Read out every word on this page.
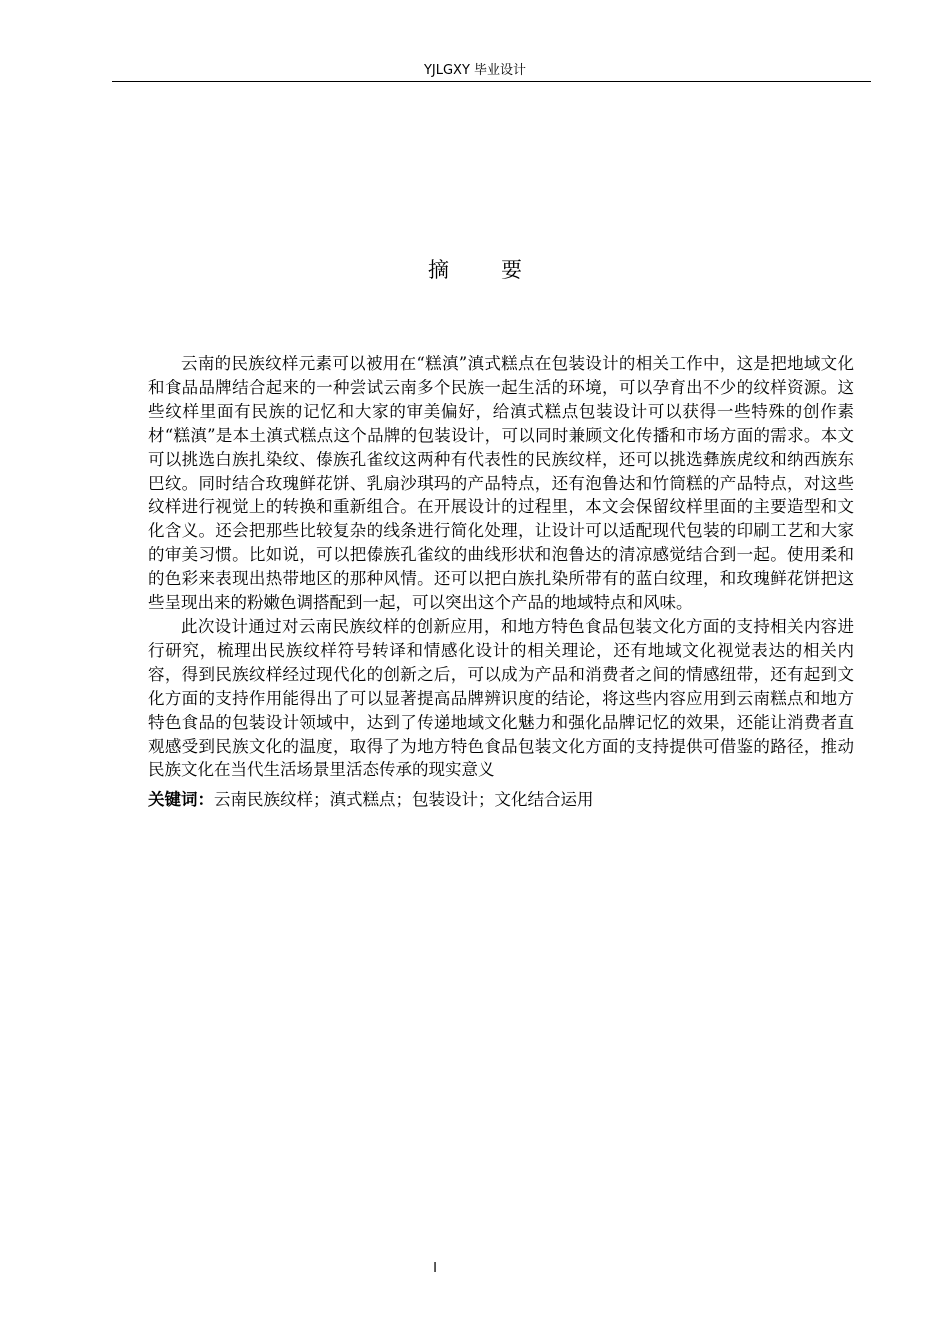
YJLGXY 毕业设计
摘要

云南的民族纹样元素可以被用在“糕滇”滇式糕点在包装设计的相关工作中，这是把地域文化和食品品牌结合起来的一种尝试云南多个民族一起生活的环境，可以孕育出不少的纹样资源。这些纹样里面有民族的记忆和大家的审美偏好，给滇式糕点包装设计可以获得一些特殊的创作素材“糕滇”是本土滇式糕点这个品牌的包装设计，可以同时兼顾文化传播和市场方面的需求。本文可以挑选白族扎染纹、傣族孔雀纹这两种有代表性的民族纹样，还可以挑选彝族虎纹和纳西族东巴纹。同时结合玫瑰鲜花饼、乳扇沙琪玛的产品特点，还有泡鲁达和竹筒糕的产品特点，对这些纹样进行视觉上的转换和重新组合。在开展设计的过程里，本文会保留纹样里面的主要造型和文化含义。还会把那些比较复杂的线条进行简化处理，让设计可以适配现代包装的印刷工艺和大家的审美习惯。比如说，可以把傣族孔雀纹的曲线形状和泡鲁达的清凉感觉结合到一起。使用柔和的色彩来表现出热带地区的那种风情。还可以把白族扎染所带有的蓝白纹理，和玫瑰鲜花饼把这些呈现出来的粉嫩色调搭配到一起，可以突出这个产品的地域特点和风味。

此次设计通过对云南民族纹样的创新应用，和地方特色食品包装文化方面的支持相关内容进行研究，梳理出民族纹样符号转译和情感化设计的相关理论，还有地域文化视觉表达的相关内容，得到民族纹样经过现代化的创新之后，可以成为产品和消费者之间的情感纽带，还有起到文化方面的支持作用能得出了可以显著提高品牌辨识度的结论，将这些内容应用到云南糕点和地方特色食品的包装设计领域中，达到了传递地域文化魅力和强化品牌记忆的效果，还能让消费者直观感受到民族文化的温度，取得了为地方特色食品包装文化方面的支持提供可借鉴的路径，推动民族文化在当代生活场景里活态传承的现实意义

关键词：云南民族纹样；滇式糕点；包装设计；文化结合运用

I
